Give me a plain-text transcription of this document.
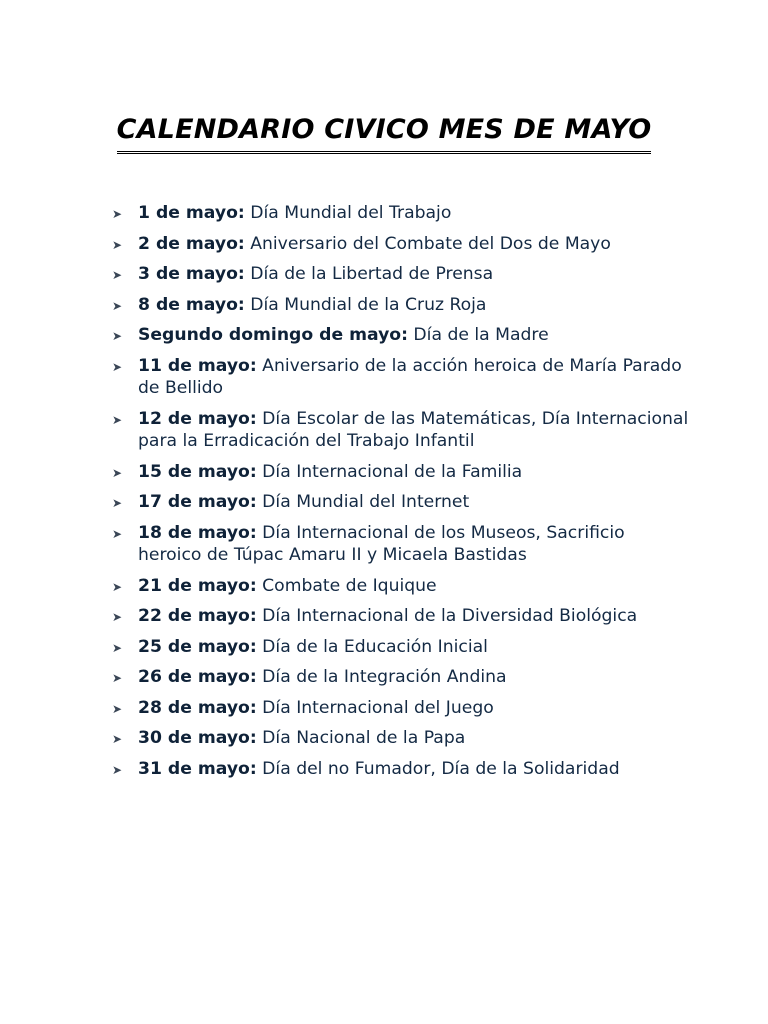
CALENDARIO CIVICO MES DE MAYO
➤ 1 de mayo: Día Mundial del Trabajo
➤ 2 de mayo: Aniversario del Combate del Dos de Mayo
➤ 3 de mayo: Día de la Libertad de Prensa
➤ 8 de mayo: Día Mundial de la Cruz Roja
➤ Segundo domingo de mayo: Día de la Madre
➤ 11 de mayo: Aniversario de la acción heroica de María Parado de Bellido
➤ 12 de mayo: Día Escolar de las Matemáticas, Día Internacional para la Erradicación del Trabajo Infantil
➤ 15 de mayo: Día Internacional de la Familia
➤ 17 de mayo: Día Mundial del Internet
➤ 18 de mayo: Día Internacional de los Museos, Sacrificio heroico de Túpac Amaru II y Micaela Bastidas
➤ 21 de mayo: Combate de Iquique
➤ 22 de mayo: Día Internacional de la Diversidad Biológica
➤ 25 de mayo: Día de la Educación Inicial
➤ 26 de mayo: Día de la Integración Andina
➤ 28 de mayo: Día Internacional del Juego
➤ 30 de mayo: Día Nacional de la Papa
➤ 31 de mayo: Día del no Fumador, Día de la Solidaridad
